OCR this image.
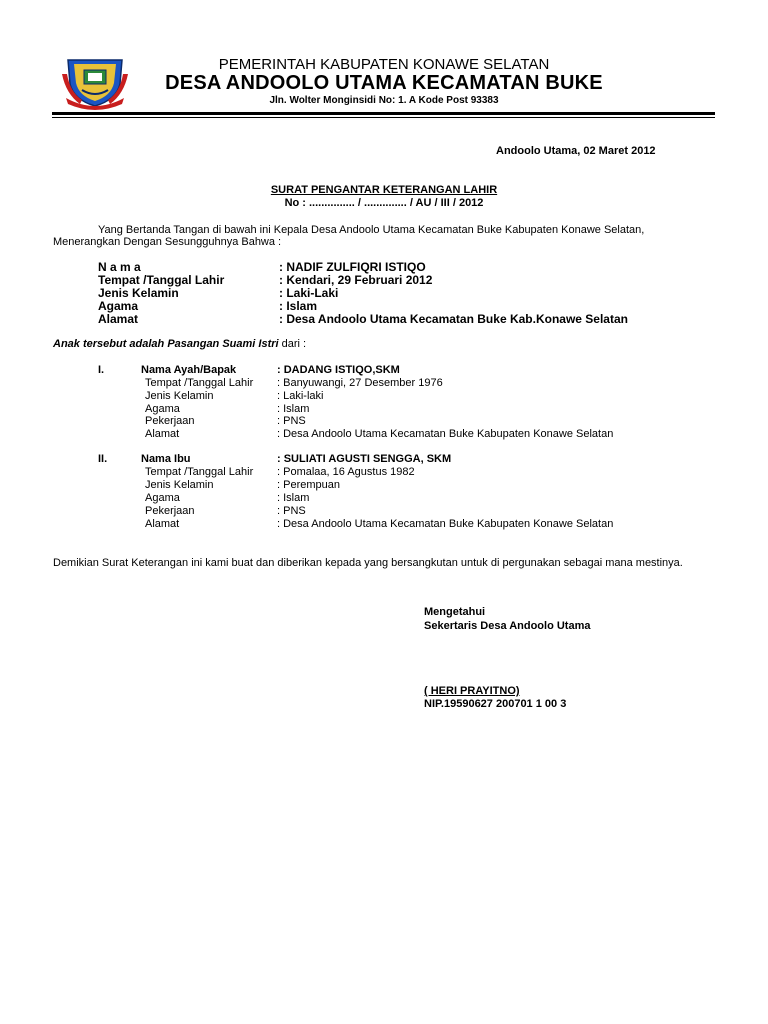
PEMERINTAH KABUPATEN KONAWE SELATAN
DESA ANDOOLO UTAMA KECAMATAN BUKE
Jln. Wolter Monginsidi No: 1. A Kode Post 93383
Andoolo Utama, 02 Maret 2012
SURAT PENGANTAR KETERANGAN LAHIR
No : ............... / .............. / AU / III / 2012
Yang Bertanda Tangan di bawah ini Kepala Desa Andoolo Utama Kecamatan Buke Kabupaten Konawe Selatan,
Menerangkan Dengan Sesungguhnya Bahwa :
N a m a	: NADIF ZULFIQRI ISTIQO
Tempat /Tanggal Lahir	: Kendari, 29 Februari 2012
Jenis Kelamin	: Laki-Laki
Agama	: Islam
Alamat	: Desa Andoolo Utama Kecamatan Buke Kab.Konawe Selatan
Anak tersebut adalah Pasangan Suami Istri dari :
I.	Nama Ayah/Bapak	: DADANG ISTIQO,SKM
Tempat /Tanggal Lahir : Banyuwangi, 27 Desember 1976
Jenis Kelamin	: Laki-laki
Agama	: Islam
Pekerjaan	: PNS
Alamat	: Desa Andoolo Utama Kecamatan Buke Kabupaten Konawe Selatan
II.	Nama Ibu	: SULIATI AGUSTI SENGGA, SKM
Tempat /Tanggal Lahir : Pomalaa, 16 Agustus 1982
Jenis Kelamin	: Perempuan
Agama	: Islam
Pekerjaan	: PNS
Alamat	: Desa Andoolo Utama Kecamatan Buke Kabupaten Konawe Selatan
Demikian Surat Keterangan ini kami buat dan diberikan kepada yang bersangkutan untuk di pergunakan sebagai mana mestinya.
Mengetahui
Sekertaris Desa Andoolo Utama
( HERI PRAYITNO)
NIP.19590627 200701 1 00 3
